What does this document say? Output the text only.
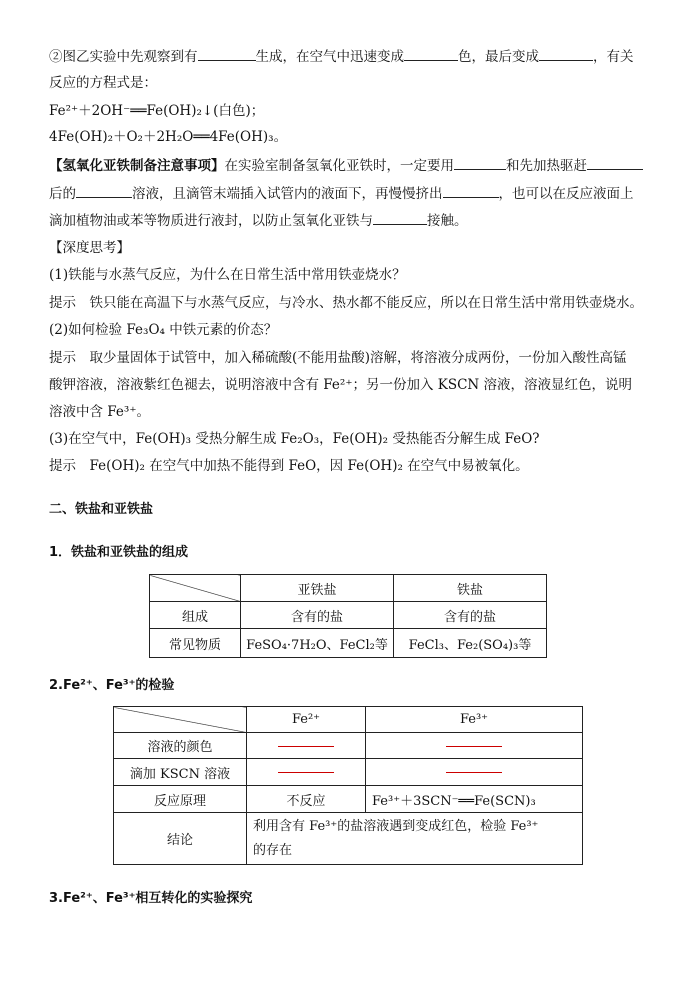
②图乙实验中先观察到有	生成，在空气中迅速变成	色，最后变成	，有关
反应的方程式是：
Fe²⁺＋2OH⁻══Fe(OH)₂↓(白色)；
4Fe(OH)₂＋O₂＋2H₂O══4Fe(OH)₃。
【氢氧化亚铁制备注意事项】在实验室制备氢氧化亚铁时，一定要用	和先加热驱赶
后的	溶液，且滴管末端插入试管内的液面下，再慢慢挤出	，也可以在反应液面上
滴加植物油或苯等物质进行液封，以防止氢氧化亚铁与	接触。
【深度思考】
(1)铁能与水蒸气反应，为什么在日常生活中常用铁壶烧水？
提示　铁只能在高温下与水蒸气反应，与冷水、热水都不能反应，所以在日常生活中常用铁壶烧水。
(2)如何检验 Fe₃O₄ 中铁元素的价态？
提示　取少量固体于试管中，加入稀硫酸(不能用盐酸)溶解，将溶液分成两份，一份加入酸性高锰
酸钾溶液，溶液紫红色褪去，说明溶液中含有 Fe²⁺；另一份加入 KSCN 溶液，溶液显红色，说明
溶液中含 Fe³⁺。
(3)在空气中，Fe(OH)₃ 受热分解生成 Fe₂O₃，Fe(OH)₂ 受热能否分解生成 FeO?
提示　Fe(OH)₂ 在空气中加热不能得到 FeO，因 Fe(OH)₂ 在空气中易被氧化。
二、铁盐和亚铁盐
1．铁盐和亚铁盐的组成
	亚铁盐	铁盐
组成	含有的盐	含有的盐
常见物质	FeSO₄·7H₂O、FeCl₂等	FeCl₃、Fe₂(SO₄)₃等
2.Fe²⁺、Fe³⁺的检验
	Fe²⁺	Fe³⁺
溶液的颜色		
滴加 KSCN 溶液		
反应原理	不反应	Fe³⁺＋3SCN⁻══Fe(SCN)₃
结论	利用含有 Fe³⁺的盐溶液遇到变成红色，检验 Fe³⁺
的存在	
3.Fe²⁺、Fe³⁺相互转化的实验探究
